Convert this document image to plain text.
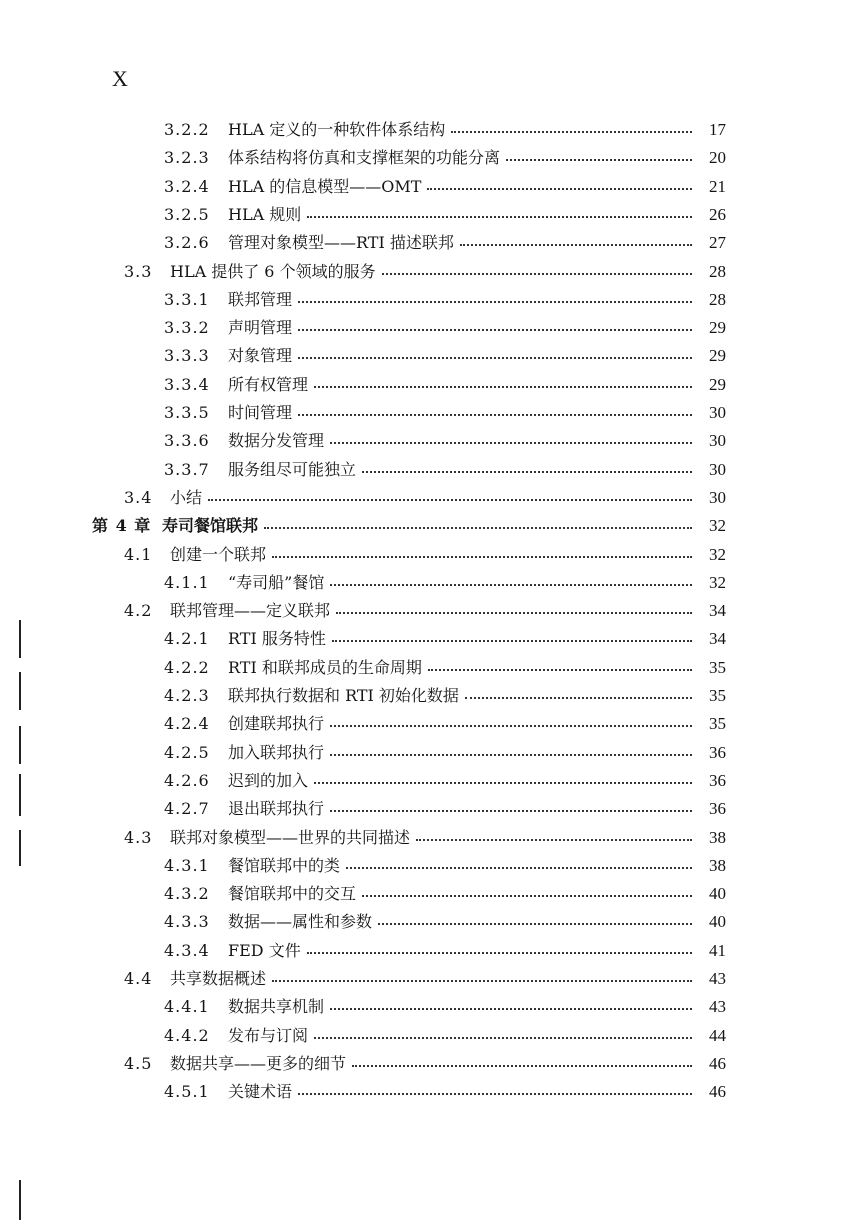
X
3.2.2	HLA 定义的一种软件体系结构	17
3.2.3	体系结构将仿真和支撑框架的功能分离	20
3.2.4	HLA 的信息模型——OMT	21
3.2.5	HLA 规则	26
3.2.6	管理对象模型——RTI 描述联邦	27
3.3	HLA 提供了 6 个领域的服务	28
3.3.1	联邦管理	28
3.3.2	声明管理	29
3.3.3	对象管理	29
3.3.4	所有权管理	29
3.3.5	时间管理	30
3.3.6	数据分发管理	30
3.3.7	服务组尽可能独立	30
3.4	小结	30
第 4 章 寿司餐馆联邦	32
4.1	创建一个联邦	32
4.1.1	“寿司船”餐馆	32
4.2	联邦管理——定义联邦	34
4.2.1	RTI 服务特性	34
4.2.2	RTI 和联邦成员的生命周期	35
4.2.3	联邦执行数据和 RTI 初始化数据	35
4.2.4	创建联邦执行	35
4.2.5	加入联邦执行	36
4.2.6	迟到的加入	36
4.2.7	退出联邦执行	36
4.3	联邦对象模型——世界的共同描述	38
4.3.1	餐馆联邦中的类	38
4.3.2	餐馆联邦中的交互	40
4.3.3	数据——属性和参数	40
4.3.4	FED 文件	41
4.4	共享数据概述	43
4.4.1	数据共享机制	43
4.4.2	发布与订阅	44
4.5	数据共享——更多的细节	46
4.5.1	关键术语	46
